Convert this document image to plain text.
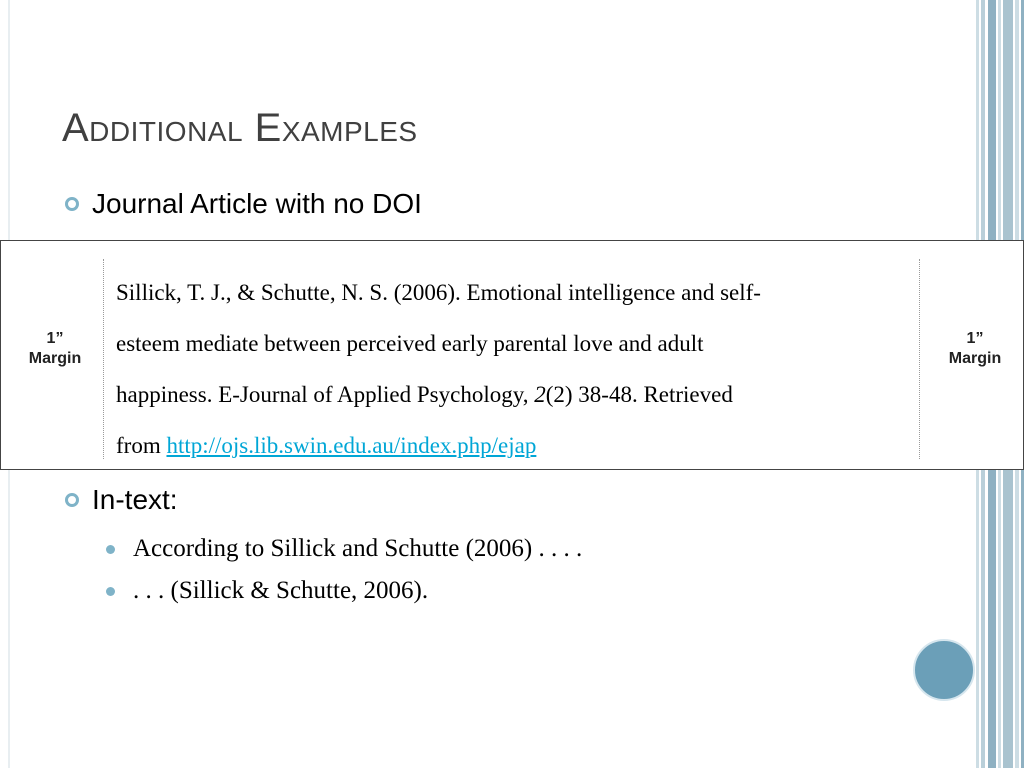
Additional Examples
Journal Article with no DOI
1”
Margin
1”
Margin
Sillick, T. J., & Schutte, N. S. (2006). Emotional intelligence and self-
esteem mediate between perceived early parental love and adult
happiness. E-Journal of Applied Psychology, 2(2) 38-48. Retrieved
from http://ojs.lib.swin.edu.au/index.php/ejap
In-text:
According to Sillick and Schutte (2006) . . . .
. . . (Sillick & Schutte, 2006).
